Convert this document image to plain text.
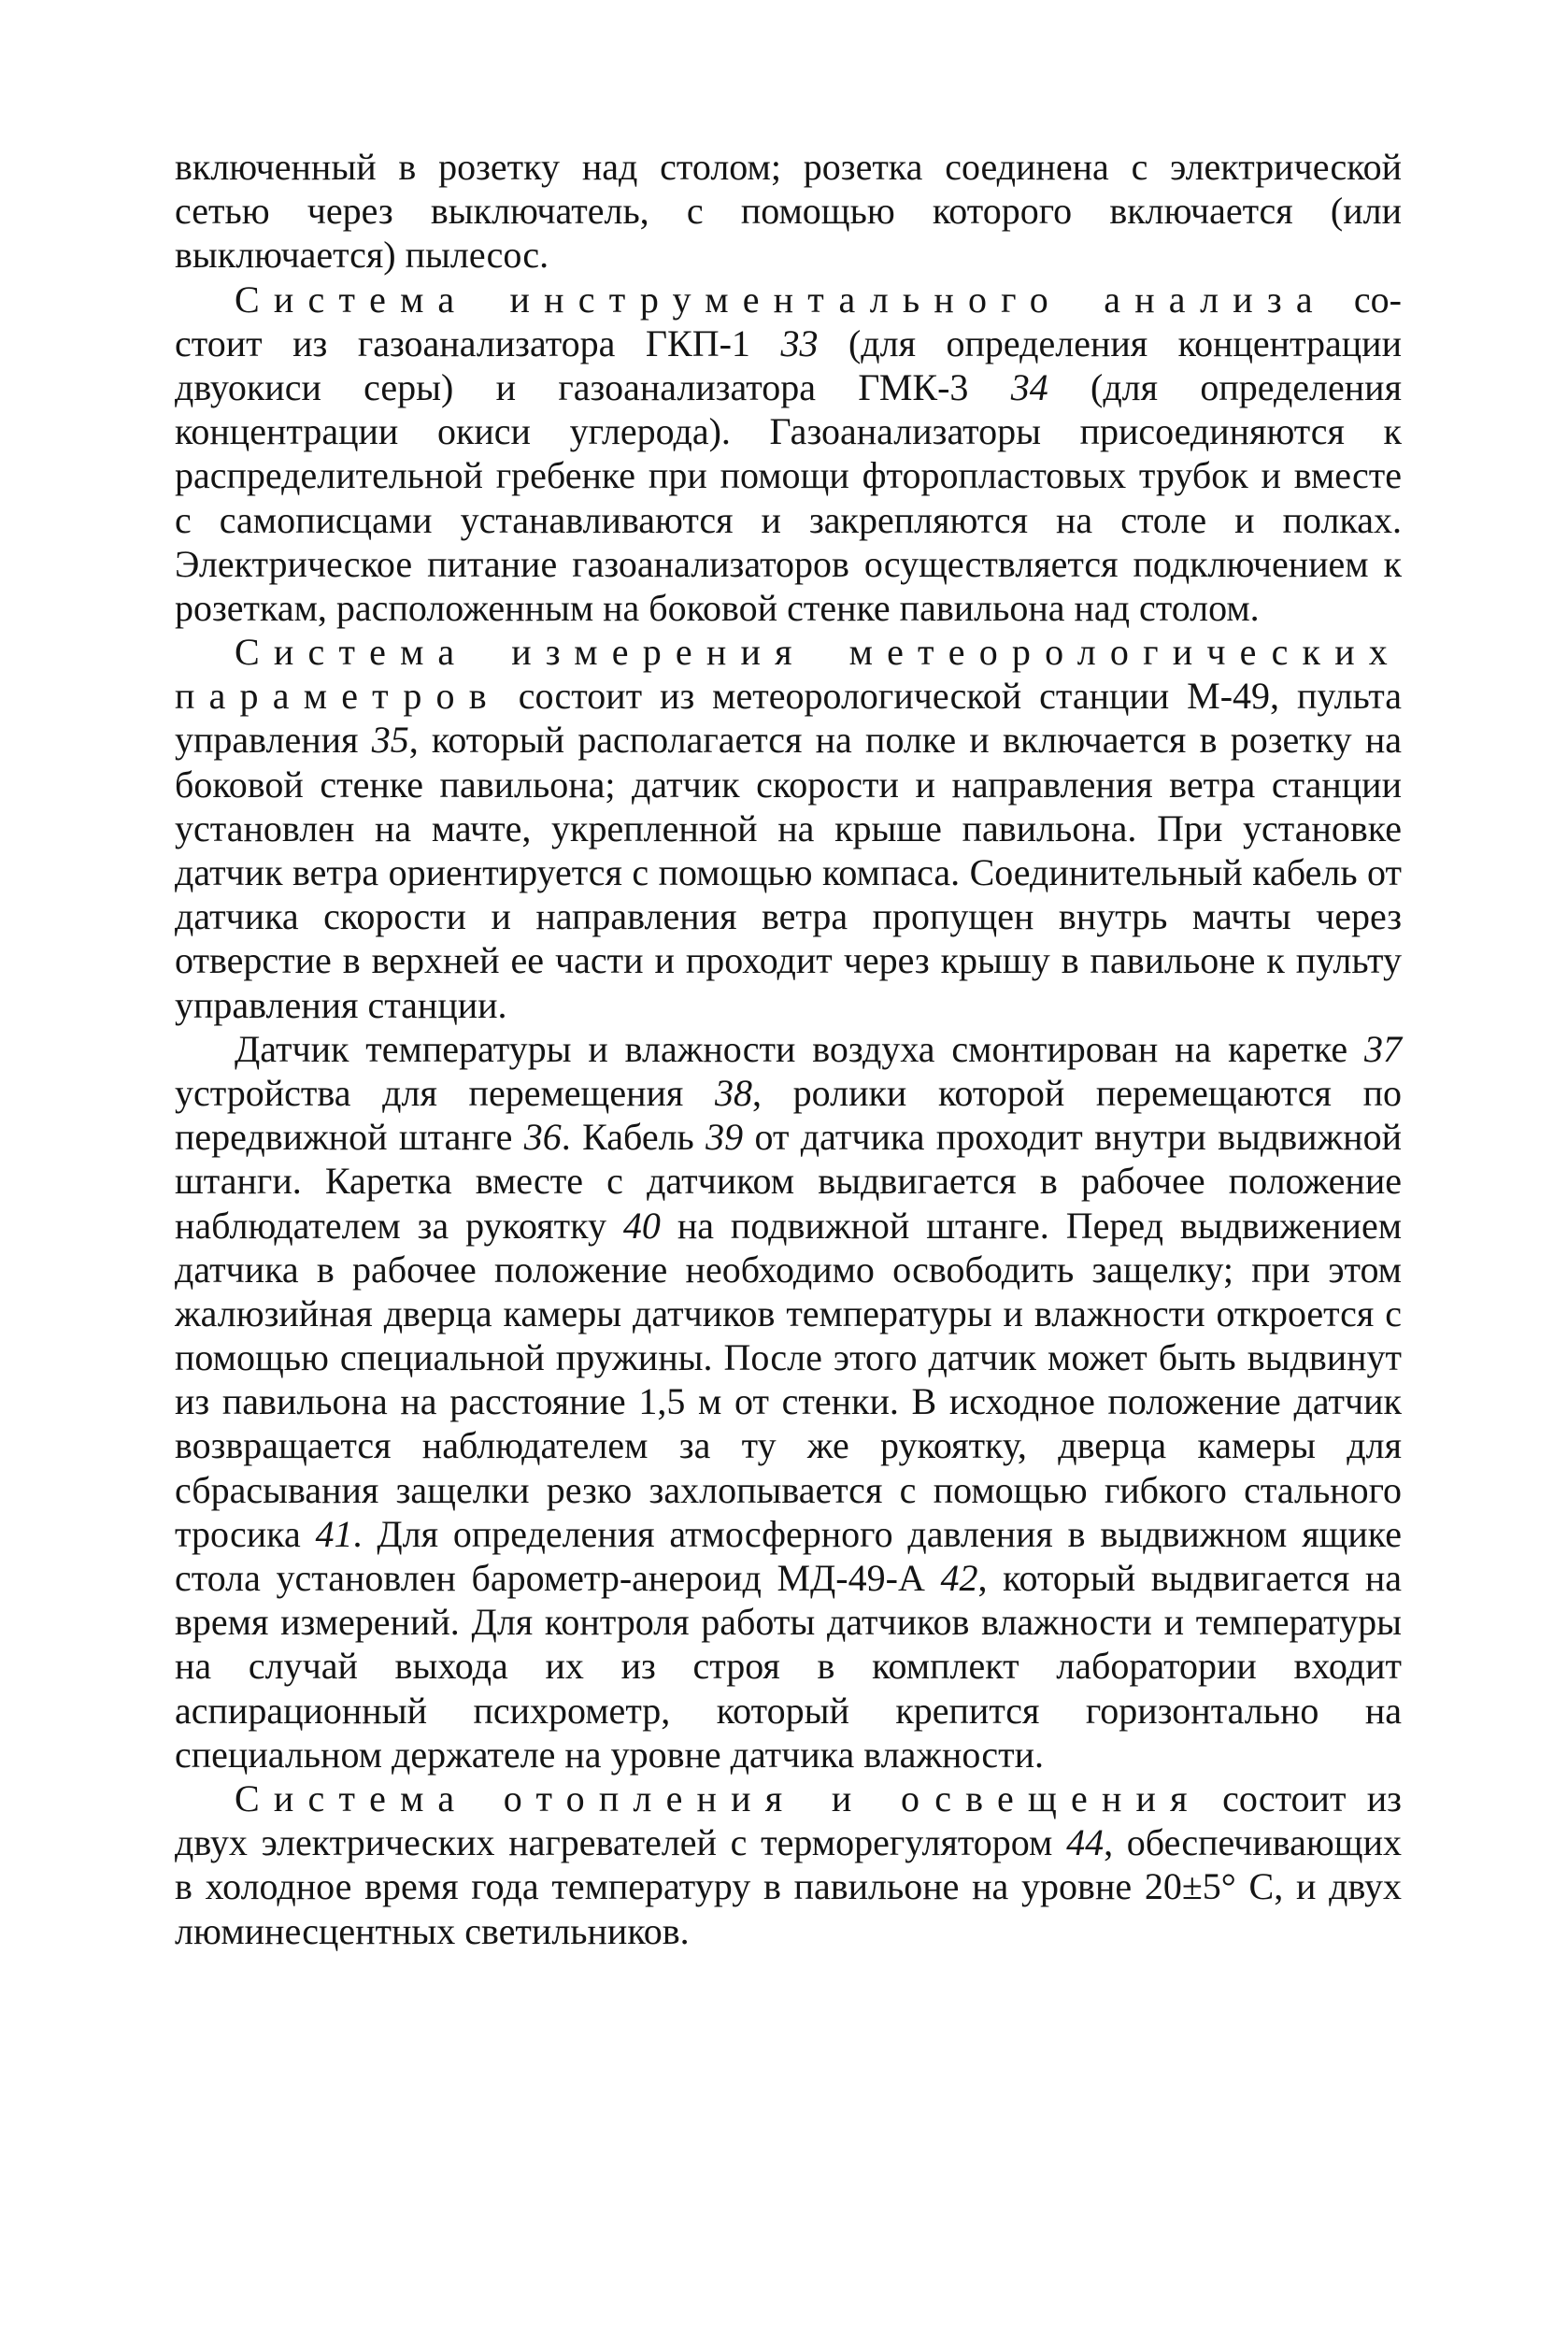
включенный в розетку над столом; розетка соединена с электрической сетью через выключатель, с помощью которого включается (или выключается) пылесос.

Система инструментального анализа состоит из газоанализатора ГКП-1 33 (для определения концентрации двуокиси серы) и газоанализатора ГМК-3 34 (для определения концентрации окиси углерода). Газоанализаторы присоединяются к распределительной гребенке при помощи фторопластовых трубок и вместе с самописцами устанавливаются и закрепляются на столе и полках. Электрическое питание газоанализаторов осуществляется подключением к розеткам, расположенным на боковой стенке павильона над столом.

Система измерения метеорологических параметров состоит из метеорологической станции М-49, пульта управления 35, который располагается на полке и включается в розетку на боковой стенке павильона; датчик скорости и направления ветра станции установлен на мачте, укрепленной на крыше павильона. При установке датчик ветра ориентируется с помощью компаса. Соединительный кабель от датчика скорости и направления ветра пропущен внутрь мачты через отверстие в верхней ее части и проходит через крышу в павильоне к пульту управления станции.

Датчик температуры и влажности воздуха смонтирован на каретке 37 устройства для перемещения 38, ролики которой перемещаются по передвижной штанге 36. Кабель 39 от датчика проходит внутри выдвижной штанги. Каретка вместе с датчиком выдвигается в рабочее положение наблюдателем за рукоятку 40 на подвижной штанге. Перед выдвижением датчика в рабочее положение необходимо освободить защелку; при этом жалюзийная дверца камеры датчиков температуры и влажности откроется с помощью специальной пружины. После этого датчик может быть выдвинут из павильона на расстояние 1,5 м от стенки. В исходное положение датчик возвращается наблюдателем за ту же рукоятку, дверца камеры для сбрасывания защелки резко захлопывается с помощью гибкого стального тросика 41. Для определения атмосферного давления в выдвижном ящике стола установлен барометр-анероид МД-49-А 42, который выдвигается на время измерений. Для контроля работы датчиков влажности и температуры на случай выхода их из строя в комплект лаборатории входит аспирационный психрометр, который крепится горизонтально на специальном держателе на уровне датчика влажности.

Система отопления и освещения состоит из двух электрических нагревателей с терморегулятором 44, обеспечивающих в холодное время года температуру в павильоне на уровне 20±5° С, и двух люминесцентных светильников.
